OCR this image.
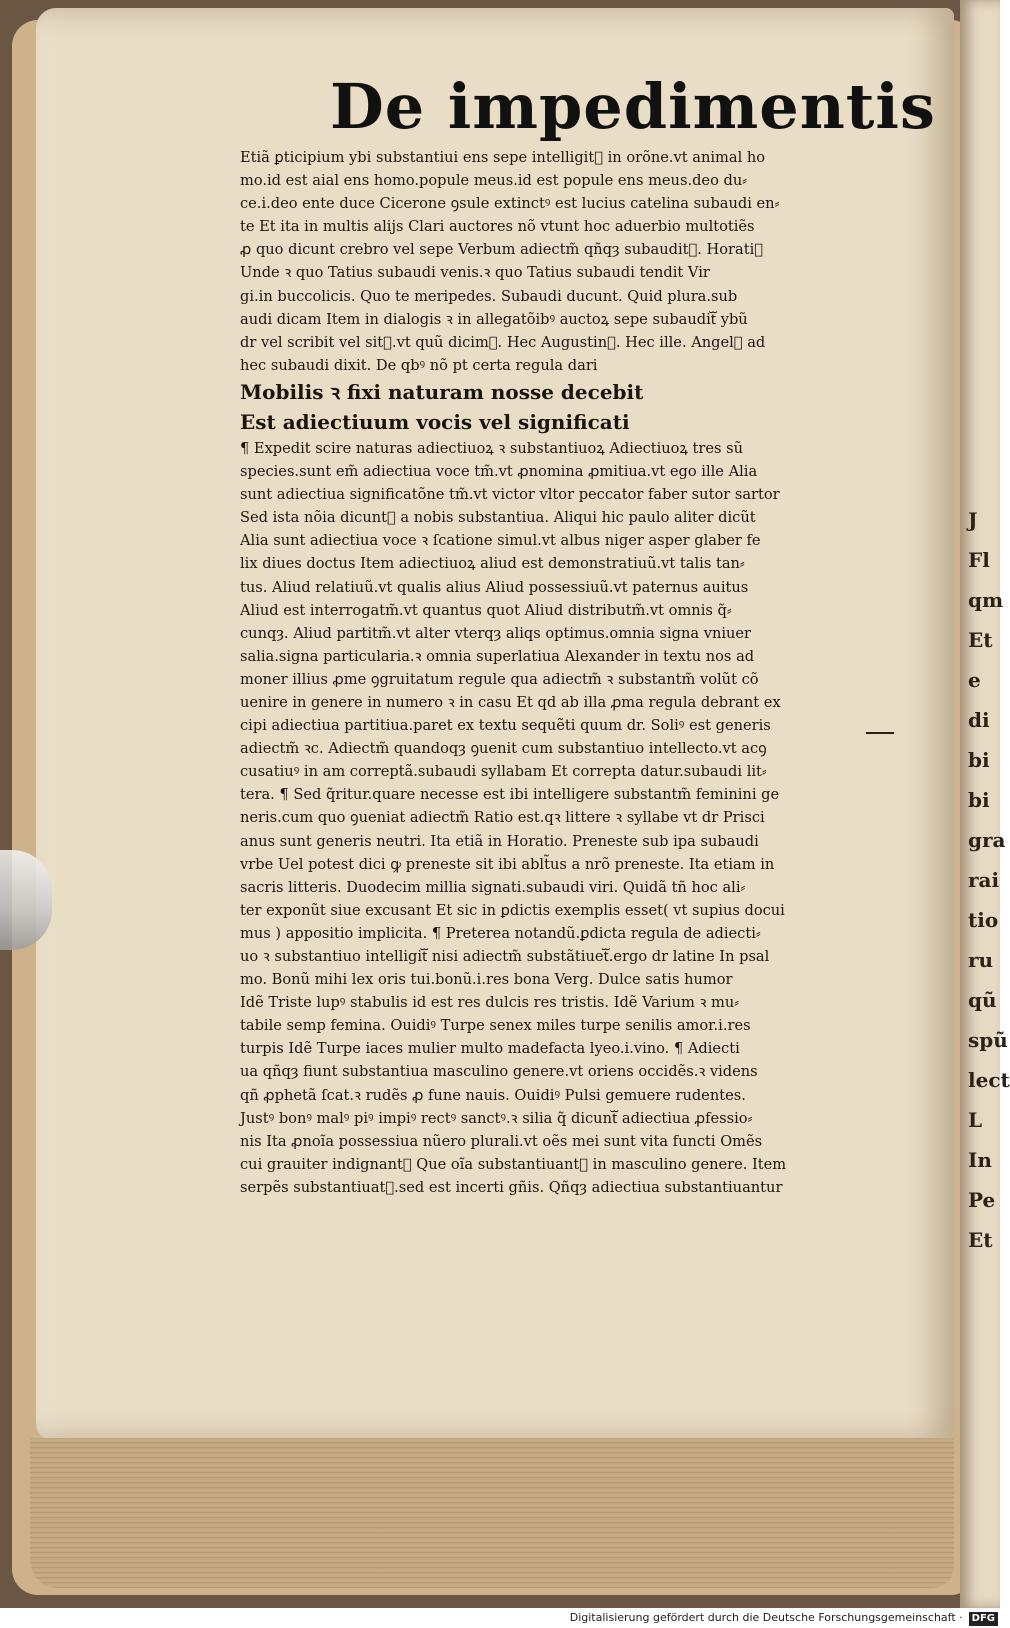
J
Fl
qm
Et
e
di
bi
bi
gra
rai
tio
ru
qũ
spũ
lect
L
In
Pe
Et
De impedimentis
Etiã ꝑticipium ybi substantiui ens sepe intelligitᷓ in orõne.vt animal ho
mo.id est aial ens homo.popule meus.id est popule ens meus.deo du⸗
ce.i.deo ente duce Cicerone ꝯsule extinctꝰ est lucius catelina subaudi en⸗
te Et ita in multis alijs Clari auctores nõ vtunt hoc aduerbio multotiẽs
ꝓ quo dicunt crebro vel sepe Verbum adiectm̃ qñqȝ subauditᷓ. Horatiꝰ
Unde ꝛ quo Tatius subaudi venis.ꝛ quo Tatius subaudi tendit Vir
gi.in buccolicis. Quo te meripedes. Subaudi ducunt. Quid plura.sub
audi dicam Item in dialogis ꝛ in allegatõibꝰ auctoꝝ sepe subauditᷓ ybũ
dr vel scribit vel sitᷓ.vt quũ dicimꝰ. Hec Augustinꝰ. Hec ille. Angelꝰ ad
hec subaudi dixit. De qbꝰ nõ pt certa regula dari
Mobilis ꝛ fixi naturam nosse decebit
Est adiectiuum vocis vel significati
¶ Expedit scire naturas adiectiuoꝝ ꝛ substantiuoꝝ Adiectiuoꝝ tres sũ
species.sunt em̃ adiectiua voce tm̃.vt ꝓnomina ꝓmitiua.vt ego ille Alia
sunt adiectiua significatõne tm̃.vt victor vltor peccator faber sutor sartor
Sed ista nõia dicuntᷓ a nobis substantiua. Aliqui hic paulo aliter dicũt
Alia sunt adiectiua voce ꝛ ſcatione simul.vt albus niger asper glaber fe
lix diues doctus Item adiectiuoꝝ aliud est demonstratiuũ.vt talis tan⸗
tus. Aliud relatiuũ.vt qualis alius Aliud possessiuũ.vt paternus auitus
Aliud est interrogatm̃.vt quantus quot Aliud distributm̃.vt omnis q̃⸗
cunqȝ. Aliud partitm̃.vt alter vterqȝ aliqs optimus.omnia signa vniuer
salia.signa particularia.ꝛ omnia superlatiua Alexander in textu nos ad
moner illius ꝓme ꝯgruitatum regule qua adiectm̃ ꝛ substantm̃ volũt cõ
uenire in genere in numero ꝛ in casu Et qd ab illa ꝓma regula debrant ex
cipi adiectiua partitiua.paret ex textu sequẽti quum dr. Soliꝰ est generis
adiectm̃ ꝛc. Adiectm̃ quandoqȝ ꝯuenit cum substantiuo intellecto.vt acꝯ
cusatiuꝰ in am correptã.subaudi syllabam Et correpta datur.subaudi lit⸗
tera. ¶ Sed q̃ritur.quare necesse est ibi intelligere substantm̃ feminini ge
neris.cum quo ꝯueniat adiectm̃ Ratio est.qꝛ littere ꝛ syllabe vt dr Prisci
anus sunt generis neutri. Ita etiã in Horatio. Preneste sub ipa subaudi
vrbe Uel potest dici ꝙ preneste sit ibi ablt̃us a nrõ preneste. Ita etiam in
sacris litteris. Duodecim millia signati.subaudi viri. Quidã tñ hoc ali⸗
ter exponũt siue excusant Et sic in ꝑdictis exemplis esset( vt supius docui
mus ) appositio implicita. ¶ Preterea notandũ.ꝑdicta regula de adiecti⸗
uo ꝛ substantiuo intelligitᷓ nisi adiectm̃ substãtiuetᷓ.ergo dr latine In psal
mo. Bonũ mihi lex oris tui.bonũ.i.res bona Verg. Dulce satis humor
Idẽ Triste lupꝰ stabulis id est res dulcis res tristis. Idẽ Varium ꝛ mu⸗
tabile semp femina. Ouidiꝰ Turpe senex miles turpe senilis amor.i.res
turpis Idẽ Turpe iaces mulier multo madefacta lyeo.i.vino. ¶ Adiecti
ua qñqȝ fiunt substantiua masculino genere.vt oriens occidẽs.ꝛ videns
qñ ꝓphetã ſcat.ꝛ rudẽs ꝓ fune nauis. Ouidiꝰ Pulsi gemuere rudentes.
Justꝰ bonꝰ malꝰ piꝰ impiꝰ rectꝰ sanctꝰ.ꝛ silia q̃ dicuntᷓ adiectiua ꝓfessio⸗
nis Ita ꝓnoĩa possessiua nũero plurali.vt oẽs mei sunt vita functi Omẽs
cui grauiter indignantᷓ Que oĩa substantiuantᷓ in masculino genere. Item
serpẽs substantiuatᷓ.sed est incerti gñis. Qñqȝ adiectiua substantiuantur
Digitalisierung gefördert durch die Deutsche Forschungsgemeinschaft · DFG
